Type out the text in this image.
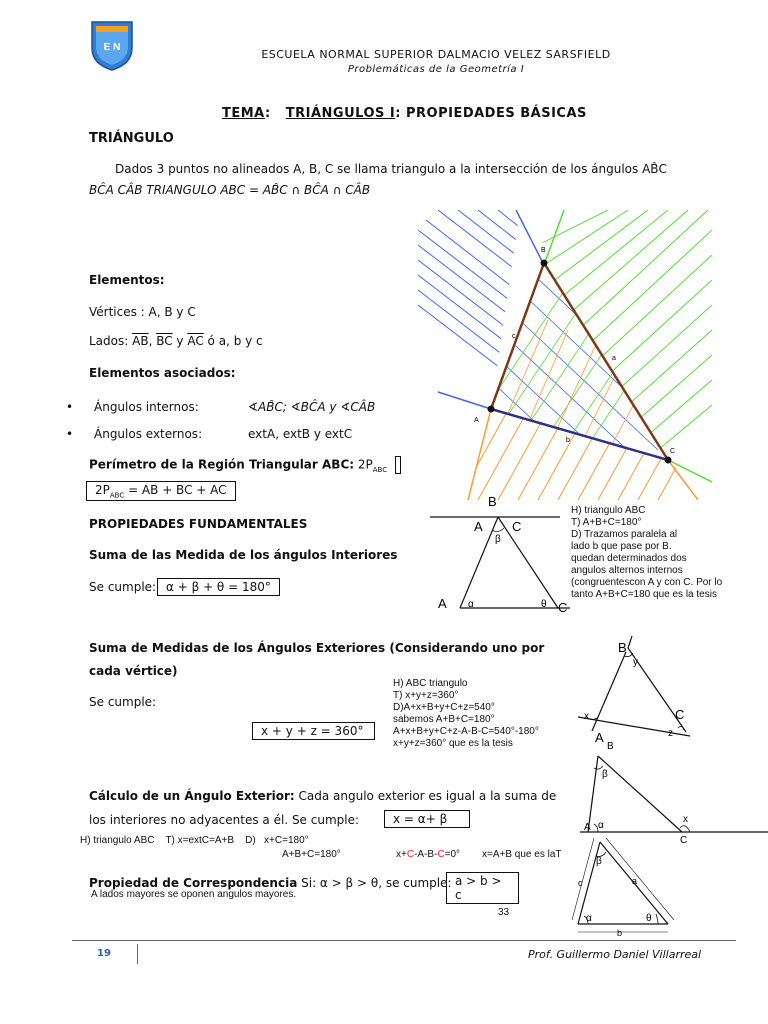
E N
ESCUELA NORMAL SUPERIOR DALMACIO VELEZ SARSFIELD
Problemáticas de la Geometría I
TEMA:   TRIÁNGULOS I: PROPIEDADES BÁSICAS
TRIÁNGULO
Dados 3 puntos no alineados A, B, C se llama triangulo a la intersección de los ángulos AB̂C
BĈA CÂB TRIANGULO ABC = AB̂C ∩ BĈA ∩ CÂB
B
A
C
c
a
b
Elementos:
Vértices : A, B y C
Lados: $\overline{AB}$, $\overline{BC}$ y $\overline{AC}$ ó a, b y c
Elementos asociados:
• Ángulos internos:	∢AB̂C; ∢BĈA y ∢CÂB
• Ángulos externos:	extA, extB y extC
Perímetro de la Región Triangular ABC: $2P_{ABC}$
$2P_{ABC}$ = AB + BC + AC
PROPIEDADES FUNDAMENTALES
Suma de las Medida de los ángulos Interiores
Se cumple: α + β + θ = 180°
B
A C
β
A α	θ C
H) triangulo ABC
T) A+B+C=180°
D) Trazamos paralela al
lado b que pase por B.
quedan determinados dos
angulos alternos internos
(congruentescon A y con C. Por lo
tanto A+B+C=180 que es la tesis
Suma de Medidas de los Ángulos Exteriores (Considerando uno por
cada vértice)
Se cumple:
H) ABC triangulo
T) x+y+z=360°
D)A+x+B+y+C+z=540°
sabemos A+B+C=180°
A+x+B+y+C+z-A-B-C=540°-180°
x+y+z=360° que es la tesis
x + y + z = 360°
B
y
x
A
C
z
Cálculo de un Ángulo Exterior: Cada angulo exterior es igual a la suma de
los interiores no adyacentes a él. Se cumple:	x = α+ β
H) triangulo ABC    T) x=extC=A+B    D)   x+C=180°
A+B+C=180°	x+C-A-B-C=0° x=A+B que es laT
B
β
A α
x
C
Propiedad de Correspondencia Si: α > β > θ, se cumple: a > b > c
A lados mayores se oponen angulos mayores.
33
β
c	a
α	θ
b
19	Prof. Guillermo Daniel Villarreal
